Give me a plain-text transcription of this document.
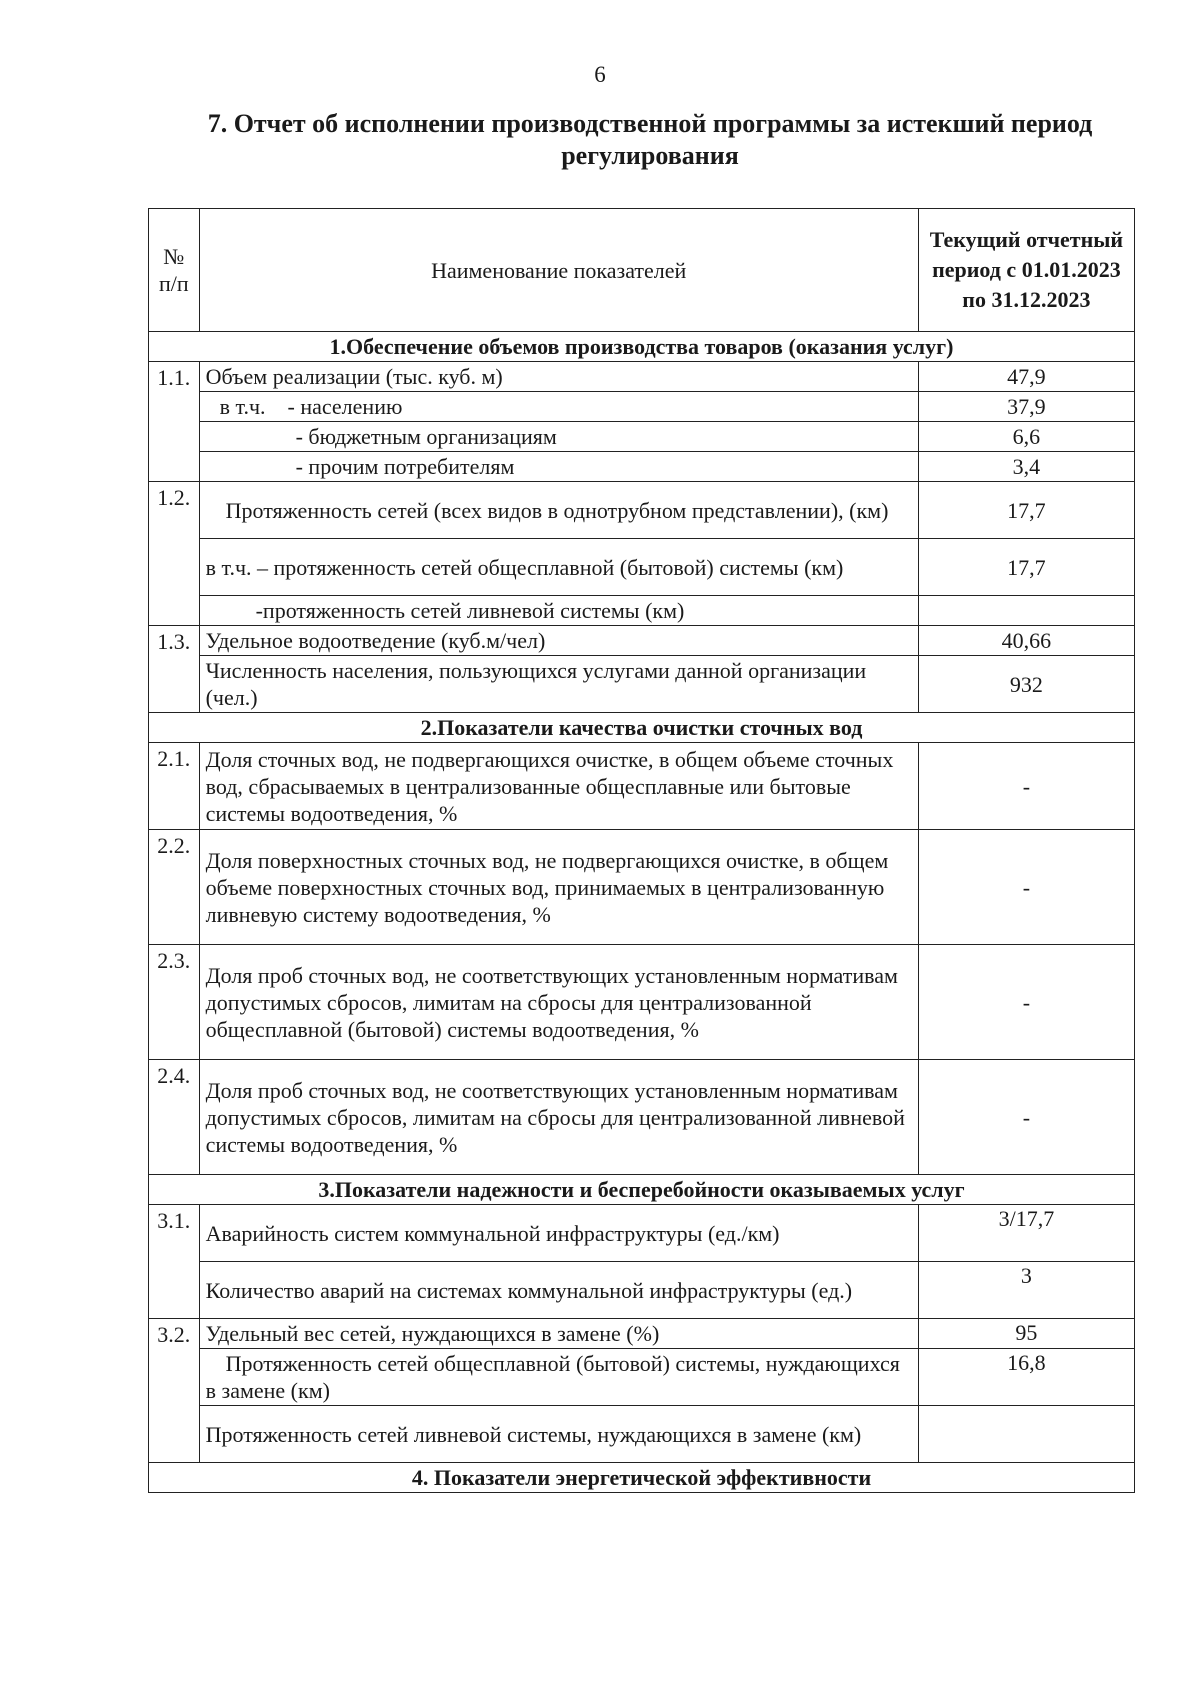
6
7. Отчет об исполнении производственной программы за истекший период регулирования
№ п/п	Наименование показателей	Текущий отчетный период с 01.01.2023 по 31.12.2023
1.Обеспечение объемов производства товаров (оказания услуг)		
1.1.	Объем реализации (тыс. куб. м)	47,9
	в т.ч.    - населению	37,9
	- бюджетным организациям	6,6
	- прочим потребителям	3,4
1.2.	Протяженность сетей (всех видов в однотрубном представлении), (км)	17,7
	в т.ч. – протяженность сетей общесплавной (бытовой) системы (км)	17,7
	-протяженность сетей ливневой системы (км)	
1.3.	Удельное водоотведение (куб.м/чел)	40,66
	Численность населения, пользующихся услугами данной организации (чел.)	932
2.Показатели качества очистки сточных вод		
2.1.	Доля сточных вод, не подвергающихся очистке, в общем объеме сточных вод, сбрасываемых в централизованные общесплавные или бытовые системы водоотведения, %	-
2.2.	Доля поверхностных сточных вод, не подвергающихся очистке, в общем объеме поверхностных сточных вод, принимаемых в централизованную ливневую систему водоотведения, %	-
2.3.	Доля проб сточных вод, не соответствующих установленным нормативам допустимых сбросов, лимитам на сбросы для централизованной общесплавной (бытовой) системы водоотведения, %	-
2.4.	Доля проб сточных вод, не соответствующих установленным нормативам допустимых сбросов, лимитам на сбросы для централизованной ливневой системы водоотведения, %	-
3.Показатели надежности и бесперебойности оказываемых услуг		
3.1.	Аварийность систем коммунальной инфраструктуры (ед./км)	3/17,7
	Количество аварий на системах коммунальной инфраструктуры (ед.)	3
3.2.	Удельный вес сетей, нуждающихся в замене (%)	95
	Протяженность сетей общесплавной (бытовой) системы, нуждающихся в замене (км)	16,8
	Протяженность сетей ливневой системы, нуждающихся в замене (км)	
4. Показатели энергетической эффективности		
